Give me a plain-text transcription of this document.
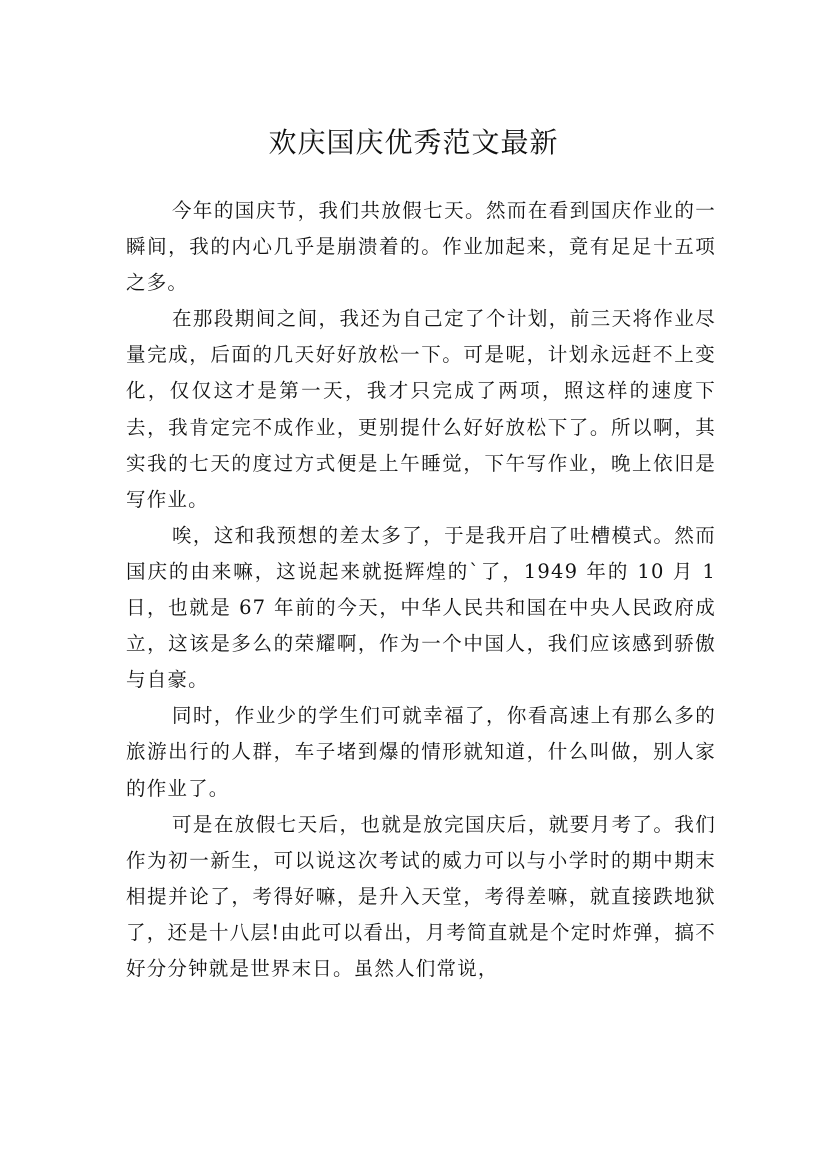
欢庆国庆优秀范文最新

今年的国庆节，我们共放假七天。然而在看到国庆作业的一瞬间，我的内心几乎是崩溃着的。作业加起来，竟有足足十五项之多。

在那段期间之间，我还为自己定了个计划，前三天将作业尽量完成，后面的几天好好放松一下。可是呢，计划永远赶不上变化，仅仅这才是第一天，我才只完成了两项，照这样的速度下去，我肯定完不成作业，更别提什么好好放松下了。所以啊，其实我的七天的度过方式便是上午睡觉，下午写作业，晚上依旧是写作业。

唉，这和我预想的差太多了，于是我开启了吐槽模式。然而国庆的由来嘛，这说起来就挺辉煌的`了，1949 年的 10 月 1 日，也就是 67 年前的今天，中华人民共和国在中央人民政府成立，这该是多么的荣耀啊，作为一个中国人，我们应该感到骄傲与自豪。

同时，作业少的学生们可就幸福了，你看高速上有那么多的旅游出行的人群，车子堵到爆的情形就知道，什么叫做，别人家的作业了。

可是在放假七天后，也就是放完国庆后，就要月考了。我们作为初一新生，可以说这次考试的威力可以与小学时的期中期末相提并论了，考得好嘛，是升入天堂，考得差嘛，就直接跌地狱了，还是十八层!由此可以看出，月考简直就是个定时炸弹，搞不好分分钟就是世界末日。虽然人们常说，
